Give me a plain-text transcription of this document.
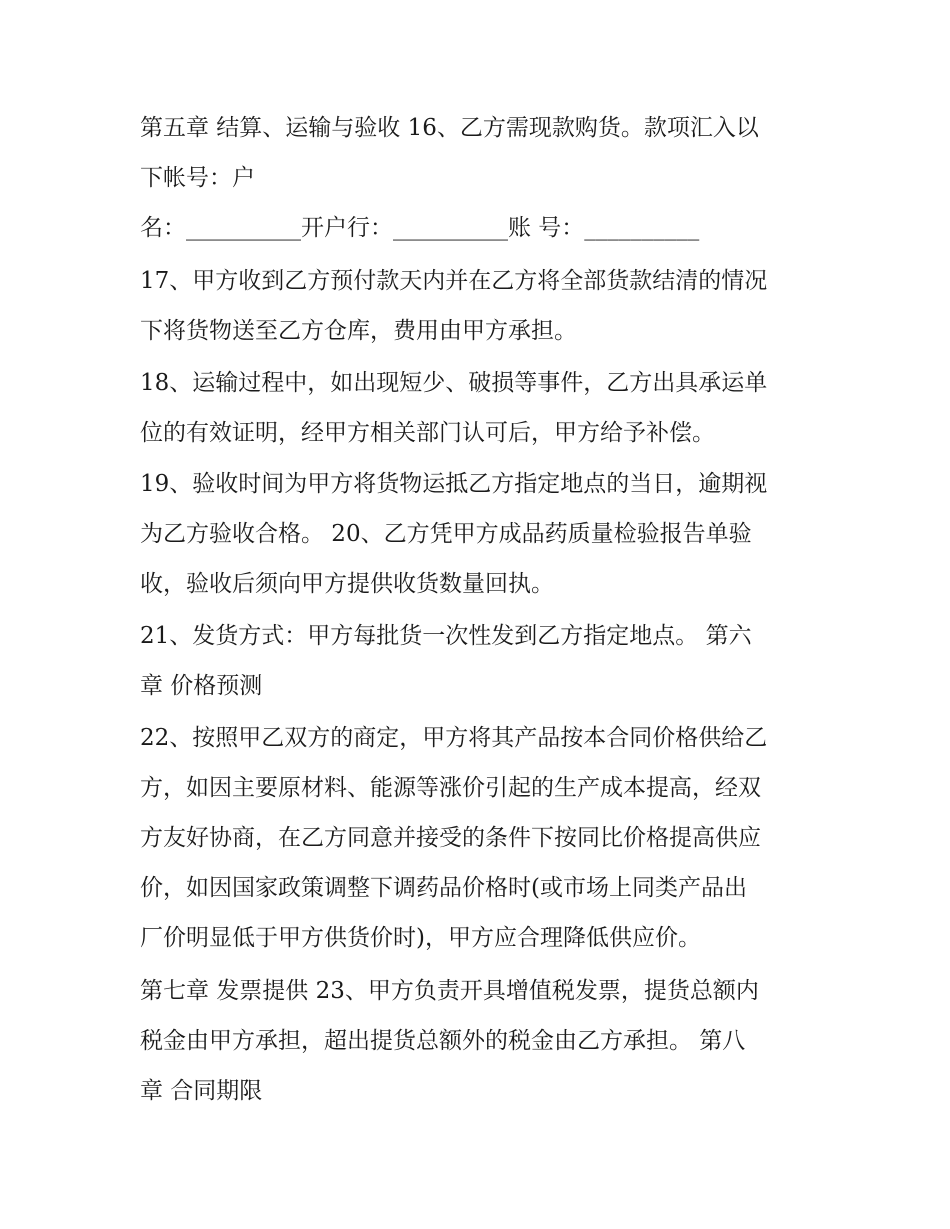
第五章 结算、运输与验收 16、乙方需现款购货。款项汇入以
下帐号：户
名：__________开户行：__________账 号：__________
17、甲方收到乙方预付款天内并在乙方将全部货款结清的情况
下将货物送至乙方仓库，费用由甲方承担。
18、运输过程中，如出现短少、破损等事件，乙方出具承运单
位的有效证明，经甲方相关部门认可后，甲方给予补偿。
19、验收时间为甲方将货物运抵乙方指定地点的当日，逾期视
为乙方验收合格。 20、乙方凭甲方成品药质量检验报告单验
收，验收后须向甲方提供收货数量回执。
21、发货方式：甲方每批货一次性发到乙方指定地点。 第六
章 价格预测
22、按照甲乙双方的商定，甲方将其产品按本合同价格供给乙
方，如因主要原材料、能源等涨价引起的生产成本提高，经双
方友好协商，在乙方同意并接受的条件下按同比价格提高供应
价，如因国家政策调整下调药品价格时(或市场上同类产品出
厂价明显低于甲方供货价时)，甲方应合理降低供应价。
第七章 发票提供 23、甲方负责开具增值税发票，提货总额内
税金由甲方承担，超出提货总额外的税金由乙方承担。 第八
章 合同期限
